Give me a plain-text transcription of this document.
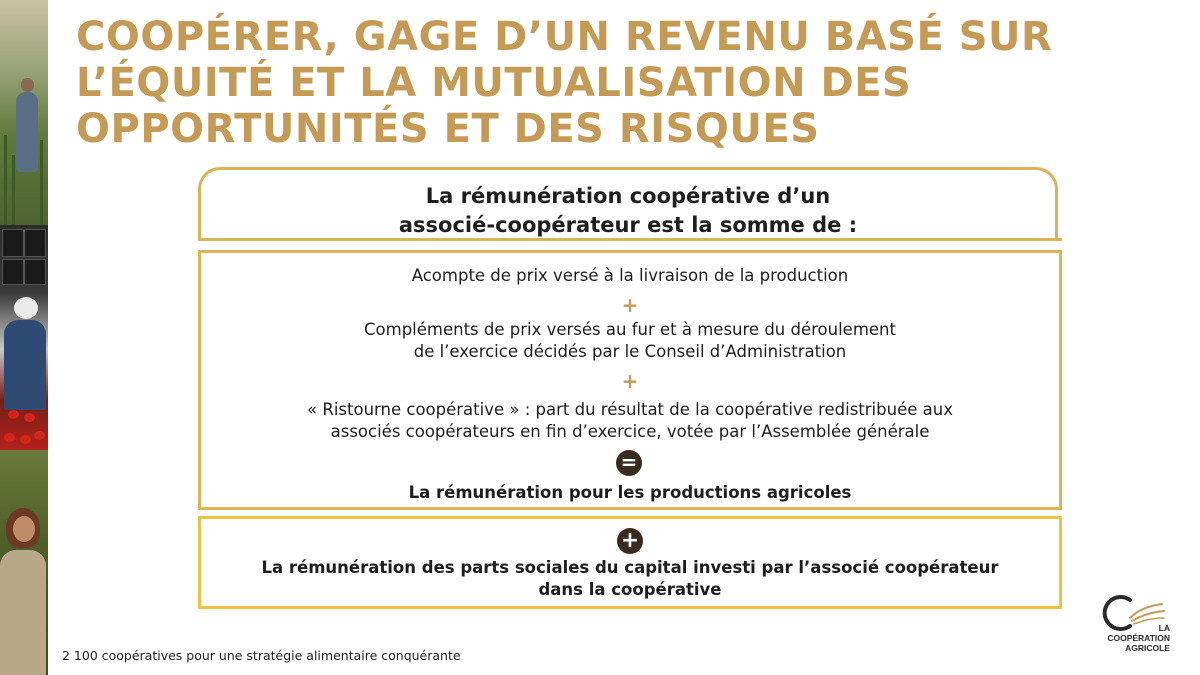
COOPÉRER, GAGE D’UN REVENU BASÉ SUR L’ÉQUITÉ ET LA MUTUALISATION DES OPPORTUNITÉS ET DES RISQUES
La rémunération coopérative d’un
associé-coopérateur est la somme de :
Acompte de prix versé à la livraison de la production
+
Compléments de prix versés au fur et à mesure du déroulement
de l’exercice décidés par le Conseil d’Administration
+
« Ristourne coopérative » : part du résultat de la coopérative redistribuée aux
associés coopérateurs en fin d’exercice, votée par l’Assemblée générale
=
La rémunération pour les productions agricoles
+
La rémunération des parts sociales du capital investi par l’associé coopérateur
dans la coopérative
2 100 coopératives pour une stratégie alimentaire conquérante
LA
COOPÉRATION
AGRICOLE
